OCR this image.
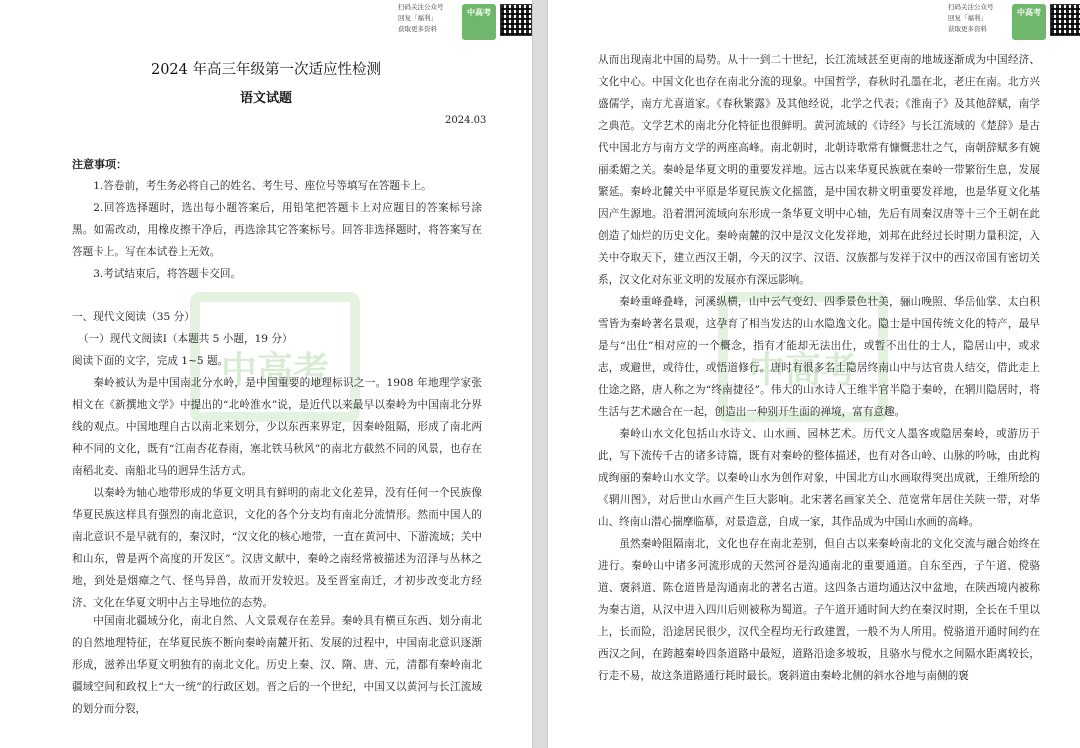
扫码关注公众号
回复「福利」
获取更多资料
中高考
中高考
2024 年高三年级第一次适应性检测
语文试题
2024.03
注意事项：
1.答卷前，考生务必将自己的姓名、考生号、座位号等填写在答题卡上。
2.回答选择题时，选出每小题答案后，用铅笔把答题卡上对应题目的答案标号涂黑。如需改动，用橡皮擦干净后，再选涂其它答案标号。回答非选择题时，将答案写在答题卡上。写在本试卷上无效。
3.考试结束后，将答题卡交回。
一、现代文阅读（35 分）
（一）现代文阅读Ⅰ（本题共 5 小题，19 分）
阅读下面的文字，完成 1~5 题。
秦岭被认为是中国南北分水岭，是中国重要的地理标识之一。1908 年地理学家张相文在《新撰地文学》中提出的“北岭淮水”说，是近代以来最早以秦岭为中国南北分界线的观点。中国地理自古以南北来划分，少以东西来界定，因秦岭阻隔，形成了南北两种不同的文化，既有“江南杏花春雨，塞北铁马秋风”的南北方截然不同的风景，也存在南稻北麦、南船北马的迥异生活方式。
以秦岭为轴心地带形成的华夏文明具有鲜明的南北文化差异，没有任何一个民族像华夏民族这样具有强烈的南北意识，文化的各个分支均有南北分流情形。然而中国人的南北意识不是早就有的，秦汉时，“汉文化的核心地带，一直在黄河中、下游流域；关中和山东，曾是两个高度的开发区”。汉唐文献中，秦岭之南经常被描述为沼泽与丛林之地，到处是烟瘴之气、怪鸟异兽，故而开发较迟。及至晋室南迁，才初步改变北方经济、文化在华夏文明中占主导地位的态势。
中国南北疆域分化，南北自然、人文景观存在差异。秦岭具有横亘东西、划分南北的自然地理特征，在华夏民族不断向秦岭南麓开拓、发展的过程中，中国南北意识逐渐形成，滋养出华夏文明独有的南北文化。历史上秦、汉、隋、唐、元，清都有秦岭南北疆域空间和政权上“大一统”的行政区划。晋之后的一个世纪，中国又以黄河与长江流域的划分而分裂，
扫码关注公众号
回复「福利」
获取更多资料
中高考
中高考
从而出现南北中国的局势。从十一到二十世纪，长江流域甚至更南的地域逐渐成为中国经济、文化中心。中国文化也存在南北分流的现象。中国哲学，春秋时孔墨在北，老庄在南。北方兴盛儒学，南方尤喜道家。《春秋繁露》及其他经说，北学之代表；《淮南子》及其他辞赋，南学之典范。文学艺术的南北分化特征也很鲜明。黄河流域的《诗经》与长江流域的《楚辞》是古代中国北方与南方文学的两座高峰。南北朝时，北朝诗歌常有慷慨悲壮之气，南朝辞赋多有婉丽柔媚之关。秦岭是华夏文明的重要发祥地。远古以来华夏民族就在秦岭一带繁衍生息，发展繁延。秦岭北麓关中平原是华夏民族文化摇篮，是中国农耕文明重要发祥地，也是华夏文化基因产生源地。沿着渭河流域向东形成一条华夏文明中心轴，先后有周秦汉唐等十三个王朝在此创造了灿烂的历史文化。秦岭南麓的汉中是汉文化发祥地，刘邦在此经过长时期力量积淀，入关中夺取天下，建立西汉王朝，今天的汉字、汉语、汉族都与发祥于汉中的西汉帝国有密切关系，汉文化对东亚文明的发展亦有深远影响。
秦岭重峰叠峰，河溪纵横，山中云气变幻、四季景色壮美，骊山晚照、华岳仙掌、太白积雪皆为秦岭著名景观，这孕育了相当发达的山水隐逸文化。隐士是中国传统文化的特产，最早是与“出仕”相对应的一个概念，指有才能却无法出仕，或暂不出仕的士人，隐居山中，或求志，或避世，或待仕，或悟道修行。唐时有很多名士隐居终南山中与达官贵人结交，借此走上仕途之路，唐人称之为“终南捷径”。伟大的山水诗人王维半官半隐于秦岭，在辋川隐居时，将生活与艺术融合在一起，创造出一种别开生面的禅境，富有意趣。
秦岭山水文化包括山水诗文、山水画、园林艺术。历代文人墨客或隐居秦岭，或游历于此，写下流传千古的诸多诗篇，既有对秦岭的整体描述，也有对各山岭、山脉的吟咏，由此构成绚丽的秦岭山水文学。以秦岭山水为创作对象，中国北方山水画取得突出成就，王维所绘的《辋川图》，对后世山水画产生巨大影响。北宋著名画家关仝、范宽常年居住关陕一带，对华山、终南山潜心揣摩临摹，对景造意，自成一家，其作品成为中国山水画的高峰。
虽然秦岭阻隔南北，文化也存在南北差别，但自古以来秦岭南北的文化交流与融合始终在进行。秦岭山中诸多河流形成的天然河谷是沟通南北的重要通道。自东至西，子午道、傥骆道、褒斜道、陈仓道皆是沟通南北的著名古道。这四条古道均通达汉中盆地，在陕西境内被称为秦古道，从汉中进入四川后则被称为蜀道。子午道开通时间大约在秦汉时期，全长在千里以上，长而险，沿途居民很少，汉代全程均无行政建置，一般不为人所用。傥骆道开通时间约在西汉之间，在跨越秦岭四条道路中最短，道路沿途多坡坂，且骆水与傥水之间隔水距离较长，行走不易，故这条道路通行耗时最长。褒斜道由秦岭北侧的斜水谷地与南侧的褒
